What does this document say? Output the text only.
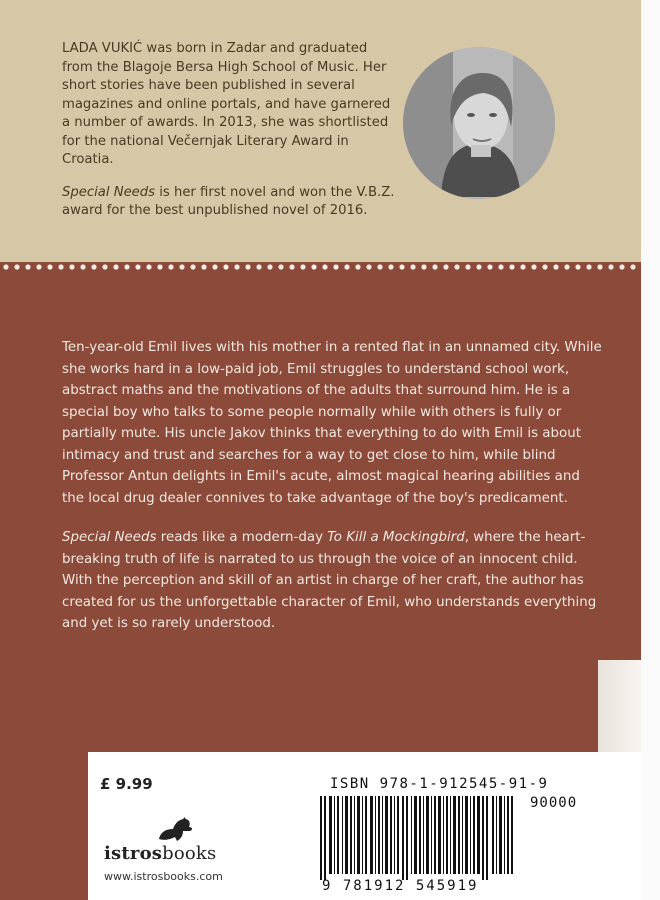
LADA VUKIĆ was born in Zadar and graduated from the Blagoje Bersa High School of Music. Her short stories have been published in several magazines and online portals, and have garnered a number of awards. In 2013, she was shortlisted for the national Večernjak Literary Award in Croatia.

Special Needs is her first novel and won the V.B.Z. award for the best unpublished novel of 2016.

Ten-year-old Emil lives with his mother in a rented flat in an unnamed city. While she works hard in a low-paid job, Emil struggles to understand school work, abstract maths and the motivations of the adults that surround him. He is a special boy who talks to some people normally while with others is fully or partially mute. His uncle Jakov thinks that everything to do with Emil is about intimacy and trust and searches for a way to get close to him, while blind Professor Antun delights in Emil's acute, almost magical hearing abilities and the local drug dealer connives to take advantage of the boy's predicament.

Special Needs reads like a modern-day To Kill a Mockingbird, where the heart-breaking truth of life is narrated to us through the voice of an innocent child. With the perception and skill of an artist in charge of her craft, the author has created for us the unforgettable character of Emil, who understands everything and yet is so rarely understood.

£ 9.99
istrosbooks
www.istrosbooks.com
ISBN 978-1-912545-91-9
90000
9 781912 545919
